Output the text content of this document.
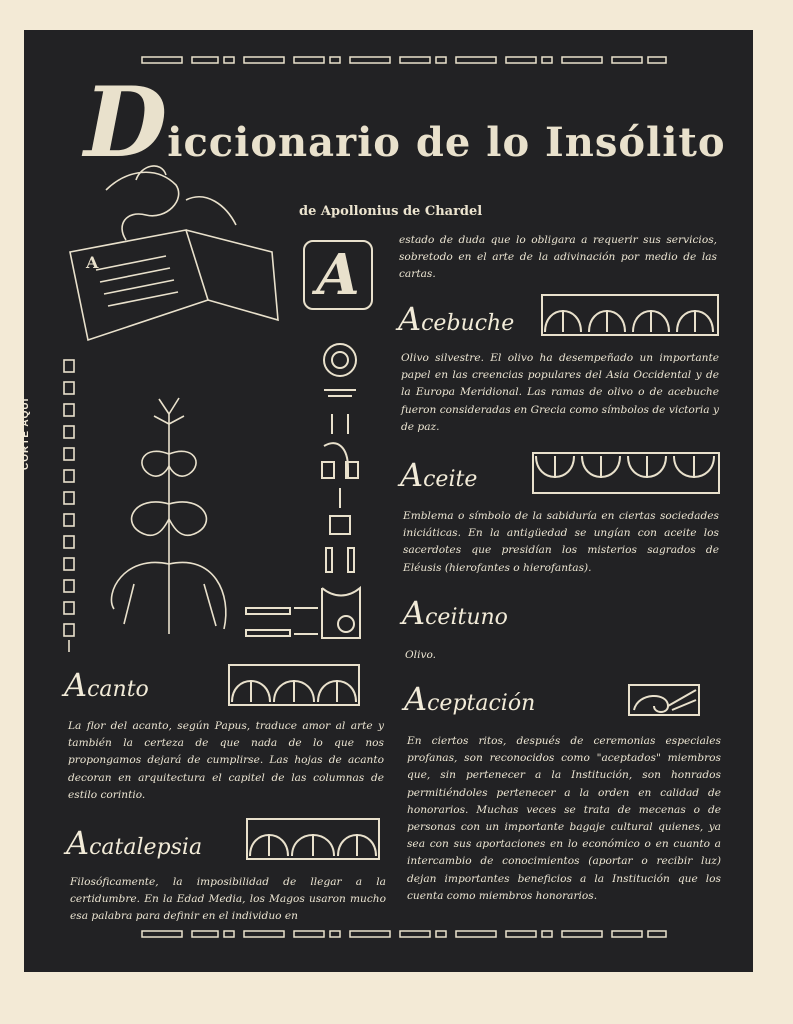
CORTE AQUI
Diccionario de lo Insólito
de Apollonius de Chardel
A	A
estado de duda que lo obligara a requerir sus servicios, sobretodo en el arte de la adivinación por medio de las cartas.
Acebuche
Olivo silvestre. El olivo ha desempeñado un importante papel en las creencias populares del Asia Occidental y de la Europa Meridional. Las ramas de olivo o de acebuche fueron consideradas en Grecia como símbolos de victoria y de paz.
Aceite
Emblema o símbolo de la sabiduría en ciertas sociedades iniciáticas. En la antigüedad se ungían con aceite los sacerdotes que presidían los misterios sagrados de Eléusis (hierofantes o hierofantas).
Aceituno
Olivo.
Aceptación
En ciertos ritos, después de ceremonias especiales profanas, son reconocidos como "aceptados" miembros que, sin pertenecer a la Institución, son honrados permitiéndoles pertenecer a la orden en calidad de honorarios. Muchas veces se trata de mecenas o de personas con un importante bagaje cultural quienes, ya sea con sus aportaciones en lo económico o en cuanto a intercambio de conocimientos (aportar o recibir luz) dejan importantes beneficios a la Institución que los cuenta como miembros honorarios.
Acanto
La flor del acanto, según Papus, traduce amor al arte y también la certeza de que nada de lo que nos propongamos dejará de cumplirse. Las hojas de acanto decoran en arquitectura el capitel de las columnas de estilo corintio.
Acatalepsia
Filosóficamente, la imposibilidad de llegar a la certidumbre. En la Edad Media, los Magos usaron mucho esa palabra para definir en el individuo en
